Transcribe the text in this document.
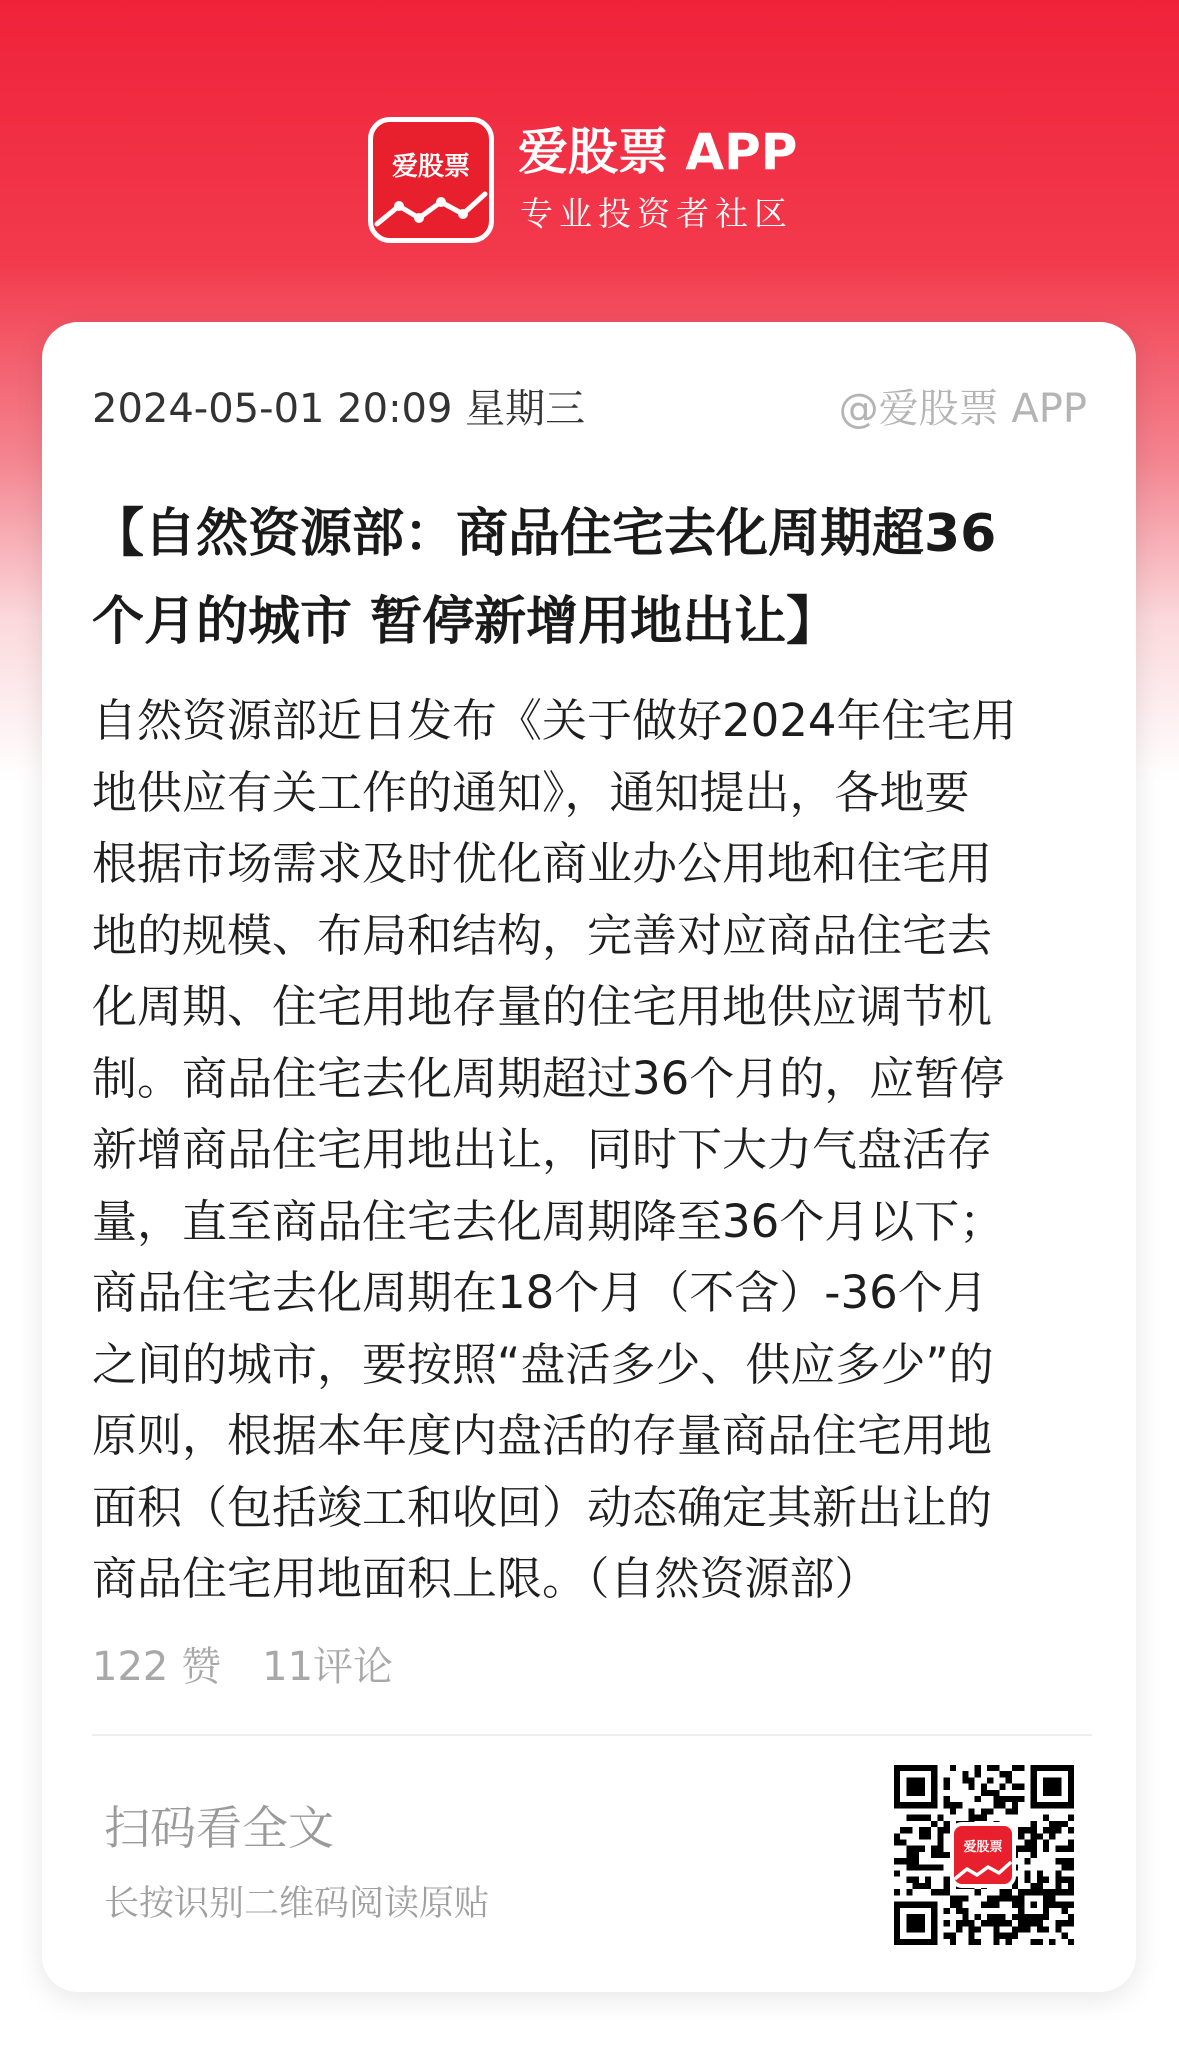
爱股票 爱股票 APP
专业投资者社区
2024-05-01 20:09 星期三	@爱股票 APP
【自然资源部：商品住宅去化周期超36
个月的城市 暂停新增用地出让】
自然资源部近日发布《关于做好2024年住宅用
地供应有关工作的通知》，通知提出，各地要
根据市场需求及时优化商业办公用地和住宅用
地的规模、布局和结构，完善对应商品住宅去
化周期、住宅用地存量的住宅用地供应调节机
制。商品住宅去化周期超过36个月的，应暂停
新增商品住宅用地出让，同时下大力气盘活存
量，直至商品住宅去化周期降至36个月以下；
商品住宅去化周期在18个月（不含）-36个月
之间的城市，要按照“盘活多少、供应多少”的
原则，根据本年度内盘活的存量商品住宅用地
面积（包括竣工和收回）动态确定其新出让的
商品住宅用地面积上限。（自然资源部）
122 赞 11评论
扫码看全文
长按识别二维码阅读原贴
爱股票
